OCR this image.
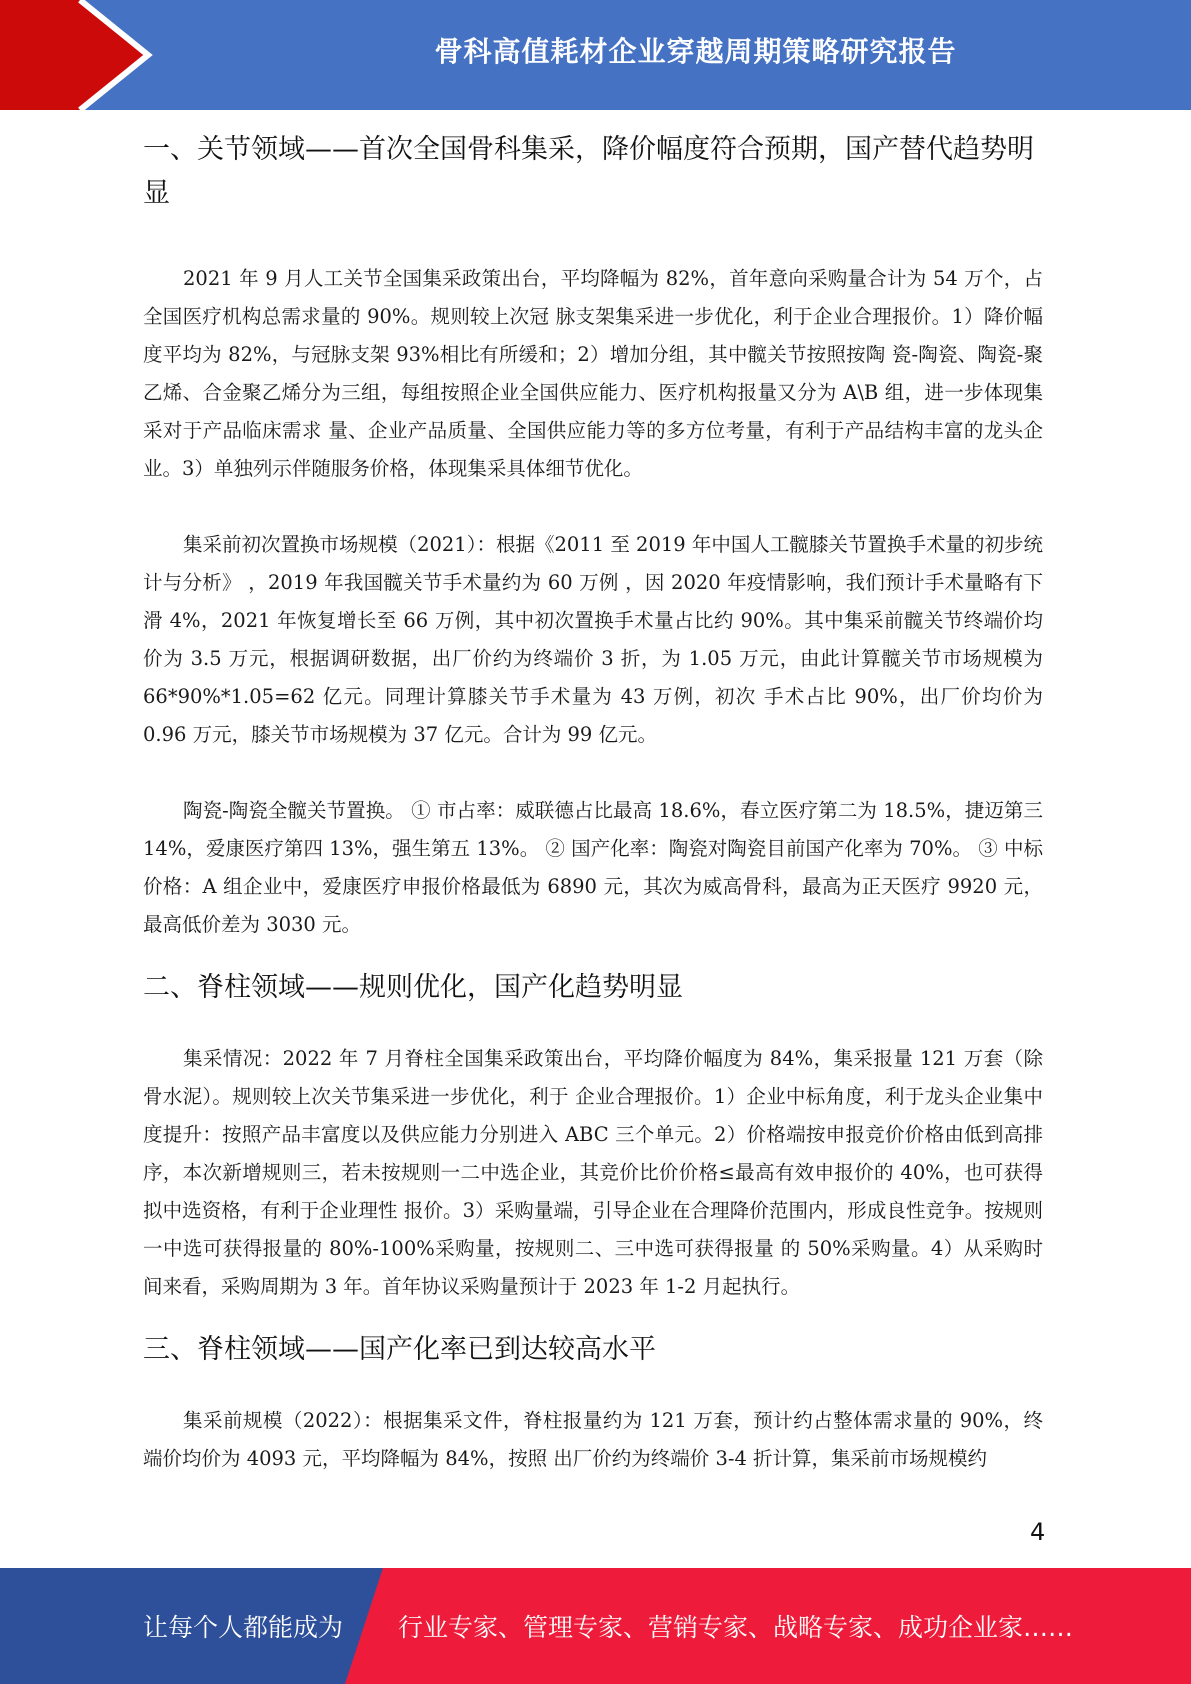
骨科高值耗材企业穿越周期策略研究报告
一、关节领域——首次全国骨科集采，降价幅度符合预期，国产替代趋势明显

2021 年 9 月人工关节全国集采政策出台，平均降幅为 82%，首年意向采购量合计为 54 万个，占全国医疗机构总需求量的 90%。规则较上次冠 脉支架集采进一步优化，利于企业合理报价。1）降价幅度平均为 82%，与冠脉支架 93%相比有所缓和；2）增加分组，其中髋关节按照按陶 瓷-陶瓷、陶瓷-聚乙烯、合金聚乙烯分为三组，每组按照企业全国供应能力、医疗机构报量又分为 A\B 组，进一步体现集采对于产品临床需求 量、企业产品质量、全国供应能力等的多方位考量，有利于产品结构丰富的龙头企业。3）单独列示伴随服务价格，体现集采具体细节优化。

集采前初次置换市场规模（2021）：根据《2011 至 2019 年中国人工髋膝关节置换手术量的初步统计与分析》 ，2019 年我国髋关节手术量约为 60 万例 ，因 2020 年疫情影响，我们预计手术量略有下滑 4%，2021 年恢复增长至 66 万例，其中初次置换手术量占比约 90%。其中集采前髋关节终端价均价为 3.5 万元，根据调研数据，出厂价约为终端价 3 折，为 1.05 万元，由此计算髋关节市场规模为 66*90%*1.05=62 亿元。同理计算膝关节手术量为 43 万例，初次 手术占比 90%，出厂价均价为 0.96 万元，膝关节市场规模为 37 亿元。合计为 99 亿元。

陶瓷-陶瓷全髋关节置换。 ① 市占率：威联德占比最高 18.6%，春立医疗第二为 18.5%，捷迈第三 14%，爱康医疗第四 13%，强生第五 13%。 ② 国产化率：陶瓷对陶瓷目前国产化率为 70%。 ③ 中标价格：A 组企业中，爱康医疗申报价格最低为 6890 元，其次为威高骨科，最高为正天医疗 9920 元，最高低价差为 3030 元。

二、脊柱领域——规则优化，国产化趋势明显

集采情况：2022 年 7 月脊柱全国集采政策出台，平均降价幅度为 84%，集采报量 121 万套（除骨水泥）。规则较上次关节集采进一步优化，利于 企业合理报价。1）企业中标角度，利于龙头企业集中度提升：按照产品丰富度以及供应能力分别进入 ABC 三个单元。2）价格端按申报竞价价格由低到高排序，本次新增规则三，若未按规则一二中选企业，其竞价比价价格≤最高有效申报价的 40%，也可获得拟中选资格，有利于企业理性 报价。3）采购量端，引导企业在合理降价范围内，形成良性竞争。按规则一中选可获得报量的 80%-100%采购量，按规则二、三中选可获得报量 的 50%采购量。4）从采购时间来看，采购周期为 3 年。首年协议采购量预计于 2023 年 1-2 月起执行。

三、脊柱领域——国产化率已到达较高水平

集采前规模（2022）：根据集采文件，脊柱报量约为 121 万套，预计约占整体需求量的 90%，终端价均价为 4093 元，平均降幅为 84%，按照 出厂价约为终端价 3-4 折计算，集采前市场规模约

4
让每个人都能成为 行业专家、管理专家、营销专家、战略专家、成功企业家……
